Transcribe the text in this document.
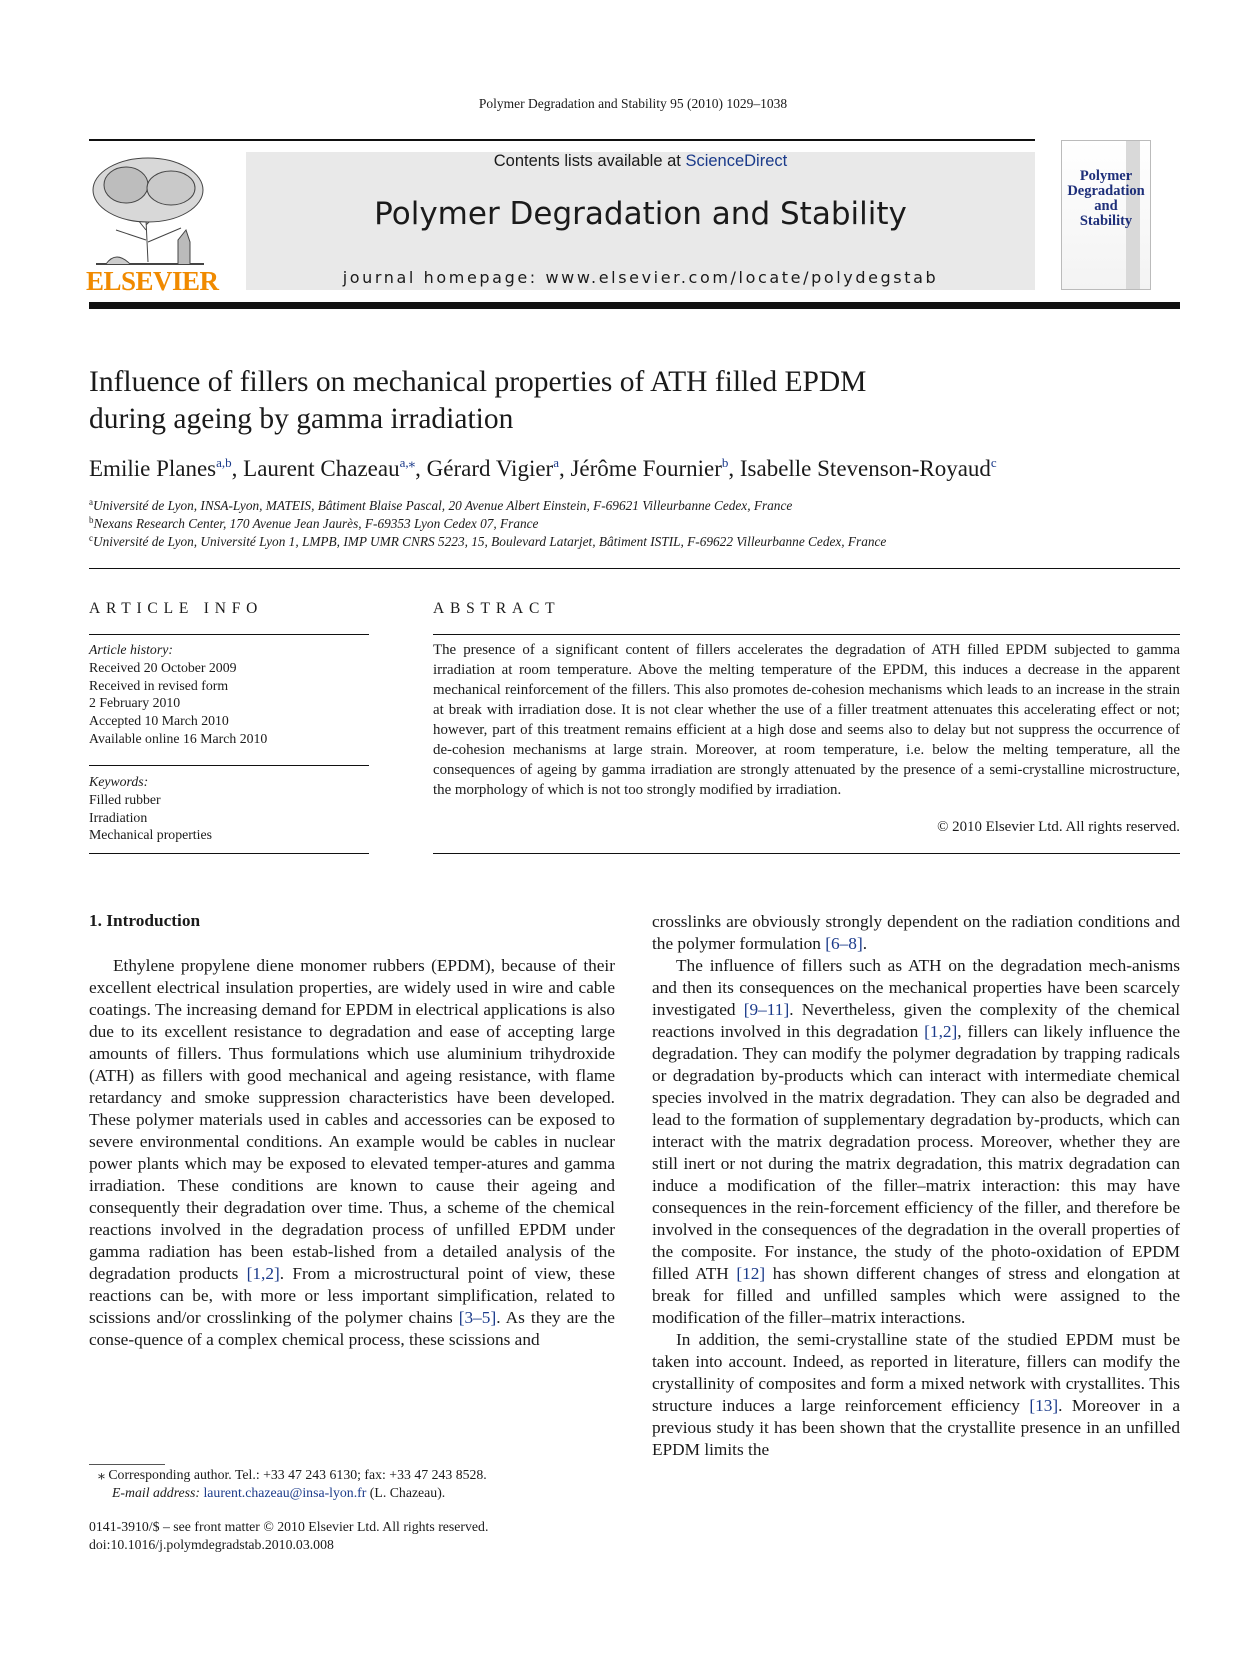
Polymer Degradation and Stability 95 (2010) 1029–1038
ELSEVIER
Contents lists available at ScienceDirect
Polymer Degradation and Stability
journal homepage: www.elsevier.com/locate/polydegstab
Polymer
Degradation
and
Stability
Influence of fillers on mechanical properties of ATH filled EPDM
during ageing by gamma irradiation
Emilie Planes$^{a,b}$, Laurent Chazeau$^{a,⁎}$, Gérard Vigier$^a$, Jérôme Fournier$^b$, Isabelle Stevenson-Royaud$^c$
$^a$Université de Lyon, INSA-Lyon, MATEIS, Bâtiment Blaise Pascal, 20 Avenue Albert Einstein, F-69621 Villeurbanne Cedex, France
$^b$Nexans Research Center, 170 Avenue Jean Jaurès, F-69353 Lyon Cedex 07, France
$^c$Université de Lyon, Université Lyon 1, LMPB, IMP UMR CNRS 5223, 15, Boulevard Latarjet, Bâtiment ISTIL, F-69622 Villeurbanne Cedex, France
ARTICLE INFO	ABSTRACT
Article history:
Received 20 October 2009
Received in revised form
2 February 2010
Accepted 10 March 2010
Available online 16 March 2010
Keywords:
Filled rubber
Irradiation
Mechanical properties
The presence of a significant content of fillers accelerates the degradation of ATH filled EPDM subjected to gamma irradiation at room temperature. Above the melting temperature of the EPDM, this induces a decrease in the apparent mechanical reinforcement of the fillers. This also promotes de-cohesion mechanisms which leads to an increase in the strain at break with irradiation dose. It is not clear whether the use of a filler treatment attenuates this accelerating effect or not; however, part of this treatment remains efficient at a high dose and seems also to delay but not suppress the occurrence of de-cohesion mechanisms at large strain. Moreover, at room temperature, i.e. below the melting temperature, all the consequences of ageing by gamma irradiation are strongly attenuated by the presence of a semi-crystalline microstructure, the morphology of which is not too strongly modified by irradiation.
© 2010 Elsevier Ltd. All rights reserved.
1. Introduction

Ethylene propylene diene monomer rubbers (EPDM), because of their excellent electrical insulation properties, are widely used in wire and cable coatings. The increasing demand for EPDM in electrical applications is also due to its excellent resistance to degradation and ease of accepting large amounts of fillers. Thus formulations which use aluminium trihydroxide (ATH) as fillers with good mechanical and ageing resistance, with flame retardancy and smoke suppression characteristics have been developed. These polymer materials used in cables and accessories can be exposed to severe environmental conditions. An example would be cables in nuclear power plants which may be exposed to elevated temper-atures and gamma irradiation. These conditions are known to cause their ageing and consequently their degradation over time. Thus, a scheme of the chemical reactions involved in the degradation process of unfilled EPDM under gamma radiation has been estab-lished from a detailed analysis of the degradation products [1,2]. From a microstructural point of view, these reactions can be, with more or less important simplification, related to scissions and/or crosslinking of the polymer chains [3–5]. As they are the conse-quence of a complex chemical process, these scissions and

crosslinks are obviously strongly dependent on the radiation conditions and the polymer formulation [6–8].

The influence of fillers such as ATH on the degradation mech-anisms and then its consequences on the mechanical properties have been scarcely investigated [9–11]. Nevertheless, given the complexity of the chemical reactions involved in this degradation [1,2], fillers can likely influence the degradation. They can modify the polymer degradation by trapping radicals or degradation by-products which can interact with intermediate chemical species involved in the matrix degradation. They can also be degraded and lead to the formation of supplementary degradation by-products, which can interact with the matrix degradation process. Moreover, whether they are still inert or not during the matrix degradation, this matrix degradation can induce a modification of the filler–matrix interaction: this may have consequences in the rein-forcement efficiency of the filler, and therefore be involved in the consequences of the degradation in the overall properties of the composite. For instance, the study of the photo-oxidation of EPDM filled ATH [12] has shown different changes of stress and elongation at break for filled and unfilled samples which were assigned to the modification of the filler–matrix interactions.

In addition, the semi-crystalline state of the studied EPDM must be taken into account. Indeed, as reported in literature, fillers can modify the crystallinity of composites and form a mixed network with crystallites. This structure induces a large reinforcement efficiency [13]. Moreover in a previous study it has been shown that the crystallite presence in an unfilled EPDM limits the

⁎ Corresponding author. Tel.: +33 47 243 6130; fax: +33 47 243 8528.
E-mail address: laurent.chazeau@insa-lyon.fr (L. Chazeau).
0141-3910/$ – see front matter © 2010 Elsevier Ltd. All rights reserved.
doi:10.1016/j.polymdegradstab.2010.03.008
